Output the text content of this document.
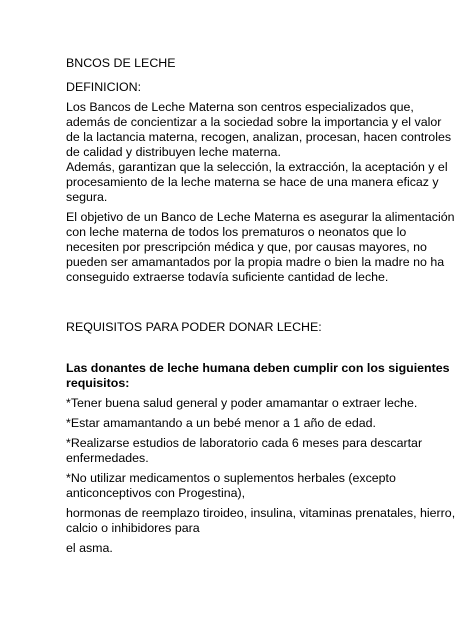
BNCOS DE LECHE
DEFINICION:
Los Bancos de Leche Materna son centros especializados que,
además de concientizar a la sociedad sobre la importancia y el valor
de la lactancia materna, recogen, analizan, procesan, hacen controles
de calidad y distribuyen leche materna.
Además, garantizan que la selección, la extracción, la aceptación y el
procesamiento de la leche materna se hace de una manera eficaz y
segura.
El objetivo de un Banco de Leche Materna es asegurar la alimentación
con leche materna de todos los prematuros o neonatos que lo
necesiten por prescripción médica y que, por causas mayores, no
pueden ser amamantados por la propia madre o bien la madre no ha
conseguido extraerse todavía suficiente cantidad de leche.
REQUISITOS PARA PODER DONAR LECHE:
Las donantes de leche humana deben cumplir con los siguientes
requisitos:
*Tener buena salud general y poder amamantar o extraer leche.
*Estar amamantando a un bebé menor a 1 año de edad.
*Realizarse estudios de laboratorio cada 6 meses para descartar
enfermedades.
*No utilizar medicamentos o suplementos herbales (excepto
anticonceptivos con Progestina),
hormonas de reemplazo tiroideo, insulina, vitaminas prenatales, hierro,
calcio o inhibidores para
el asma.
